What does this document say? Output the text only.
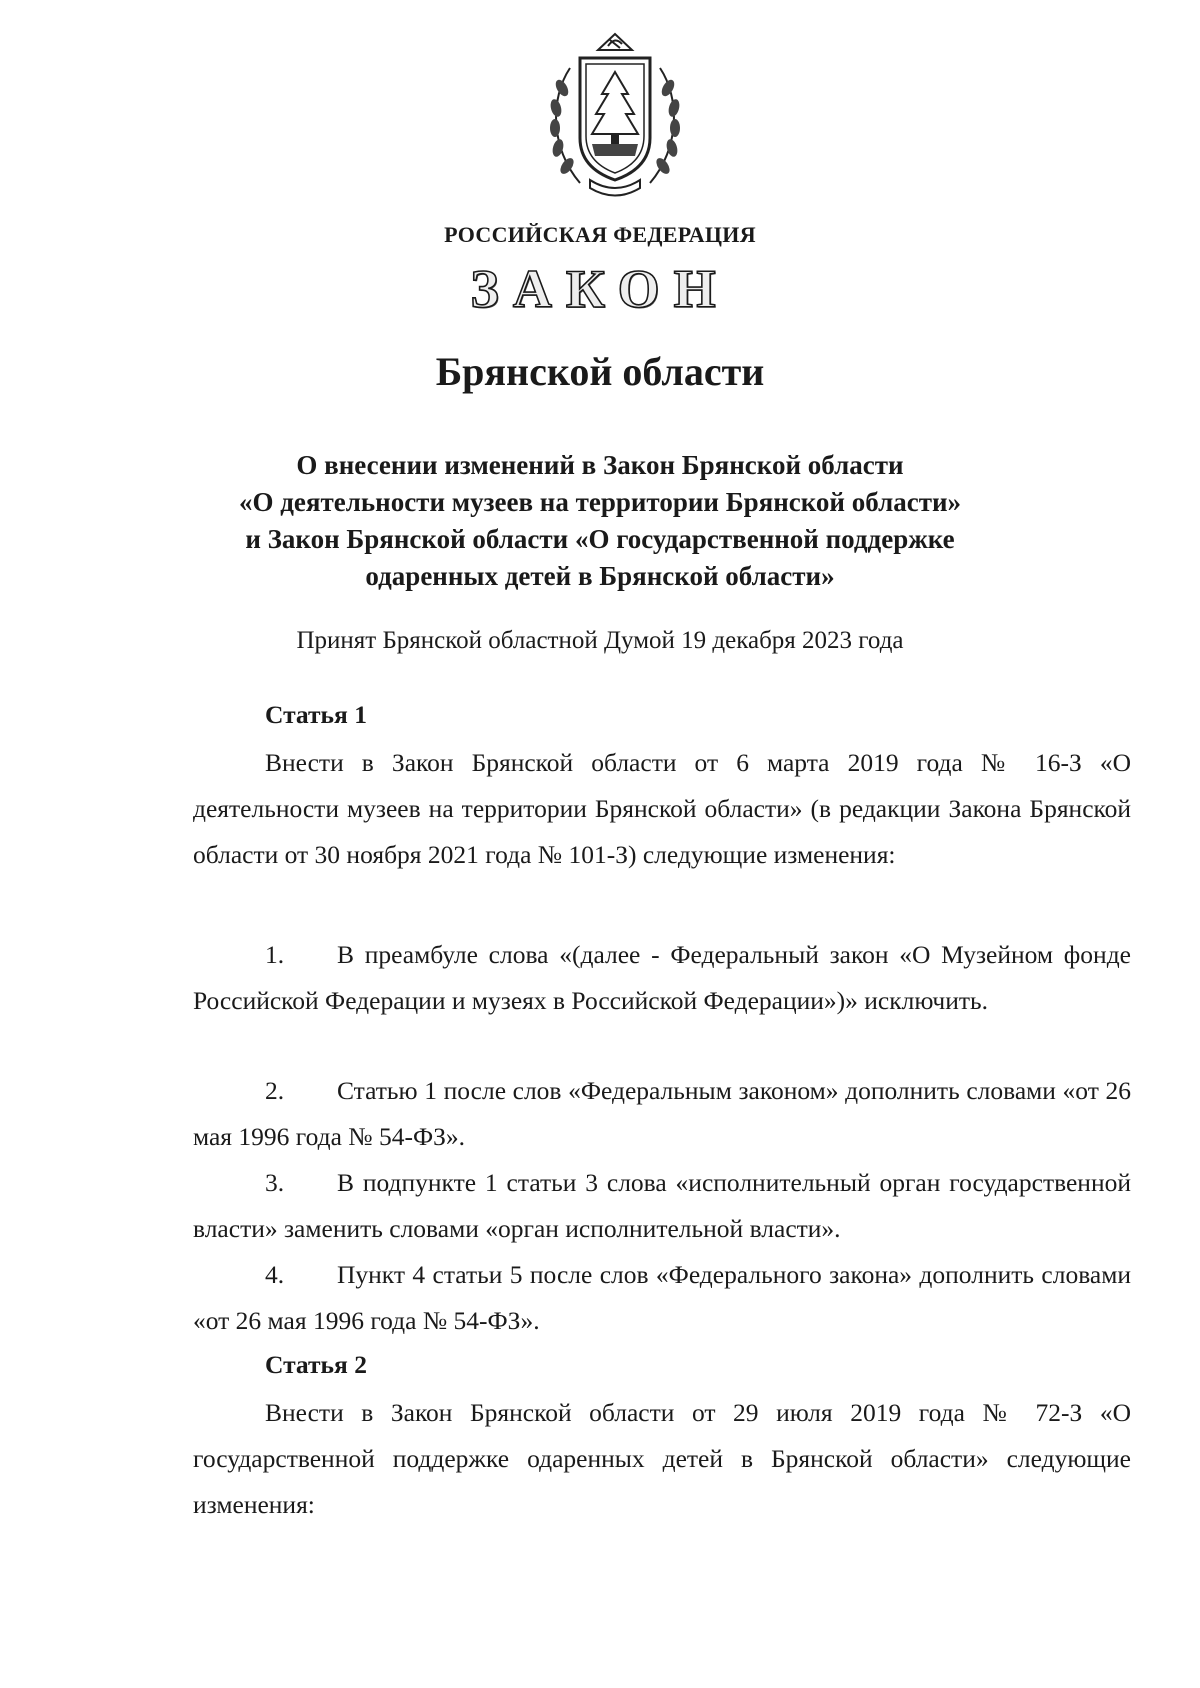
РОССИЙСКАЯ ФЕДЕРАЦИЯ
ЗАКОН
Брянской области
О внесении изменений в Закон Брянской области
«О деятельности музеев на территории Брянской области»
и Закон Брянской области «О государственной поддержке
одаренных детей в Брянской области»
Принят Брянской областной Думой 19 декабря 2023 года
Статья 1

Внести в Закон Брянской области от 6 марта 2019 года № 16-З «О деятельности музеев на территории Брянской области» (в редакции Закона Брянской области от 30 ноября 2021 года № 101-З) следующие изменения:

1. В преамбуле слова «(далее - Федеральный закон «О Музейном фонде Российской Федерации и музеях в Российской Федерации»)» исключить.

2. Статью 1 после слов «Федеральным законом» дополнить словами «от 26 мая 1996 года № 54-ФЗ».

3. В подпункте 1 статьи 3 слова «исполнительный орган государственной власти» заменить словами «орган исполнительной власти».

4. Пункт 4 статьи 5 после слов «Федерального закона» дополнить словами «от 26 мая 1996 года № 54-ФЗ».

Статья 2

Внести в Закон Брянской области от 29 июля 2019 года № 72-З «О государственной поддержке одаренных детей в Брянской области» следующие изменения:
